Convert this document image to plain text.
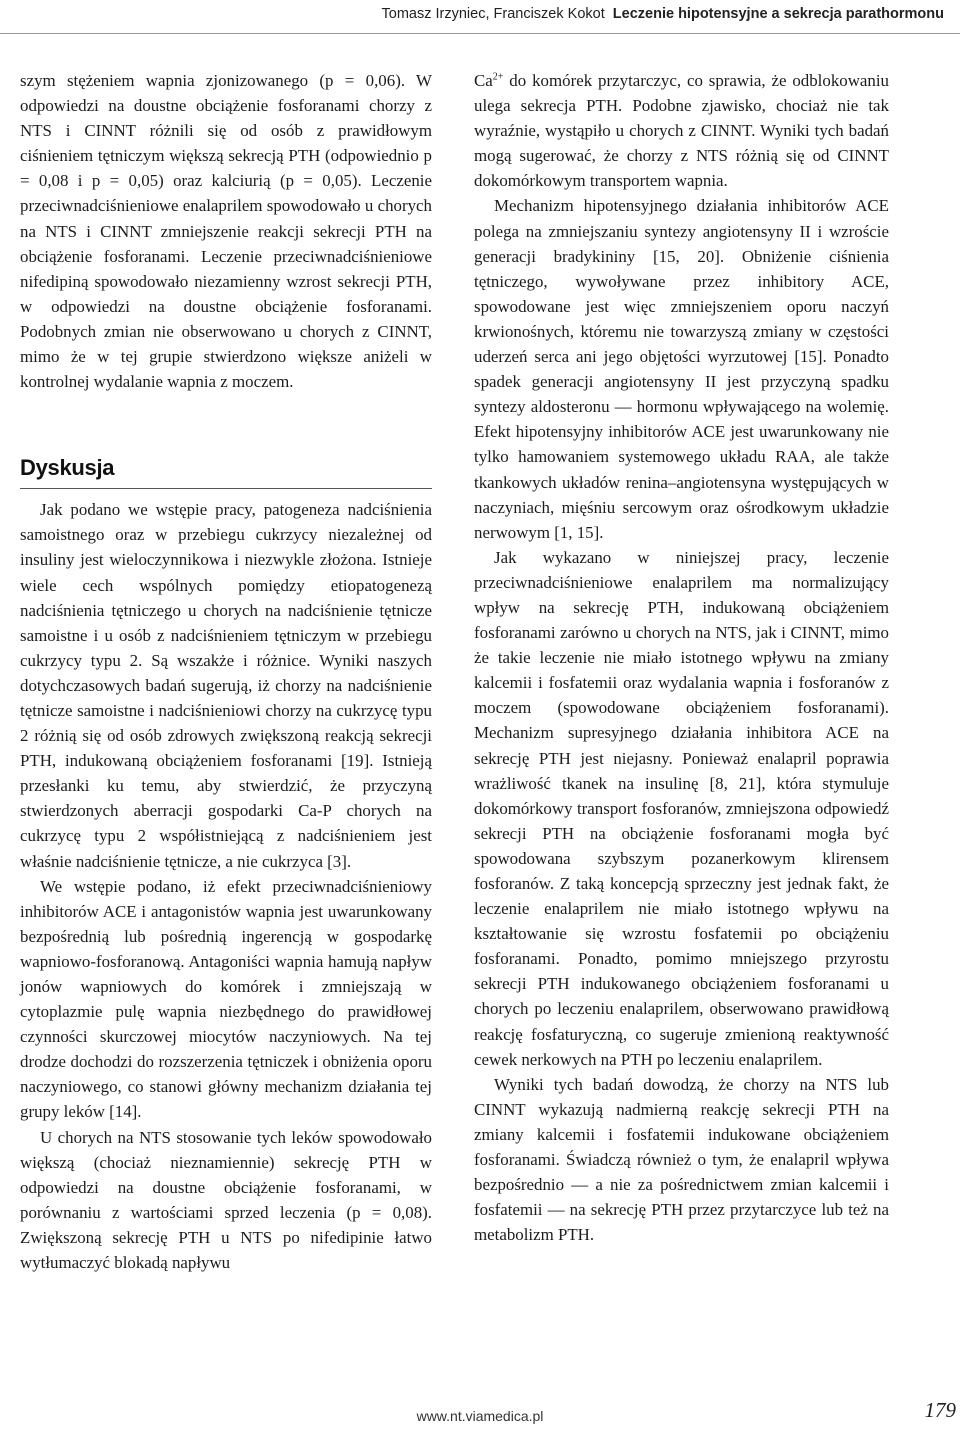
Tomasz Irzyniec, Franciszek Kokot Leczenie hipotensyjne a sekrecja parathormonu

szym stężeniem wapnia zjonizowanego (p = 0,06). W odpowiedzi na doustne obciążenie fosforanami chorzy z NTS i CINNT różnili się od osób z prawidłowym ciśnieniem tętniczym większą sekrecją PTH (odpowiednio p = 0,08 i p = 0,05) oraz kalciurią (p = 0,05). Leczenie przeciwnadciśnieniowe enalaprilem spowodowało u chorych na NTS i CINNT zmniejszenie reakcji sekrecji PTH na obciążenie fosforanami. Leczenie przeciwnadciśnieniowe nifedipiną spowodowało niezamienny wzrost sekrecji PTH, w odpowiedzi na doustne obciążenie fosforanami. Podobnych zmian nie obserwowano u chorych z CINNT, mimo że w tej grupie stwierdzono większe aniżeli w kontrolnej wydalanie wapnia z moczem.

Dyskusja

Jak podano we wstępie pracy, patogeneza nadciśnienia samoistnego oraz w przebiegu cukrzycy niezależnej od insuliny jest wieloczynnikowa i niezwykle złożona. Istnieje wiele cech wspólnych pomiędzy etiopatogenezą nadciśnienia tętniczego u chorych na nadciśnienie tętnicze samoistne i u osób z nadciśnieniem tętniczym w przebiegu cukrzycy typu 2. Są wszakże i różnice. Wyniki naszych dotychczasowych badań sugerują, iż chorzy na nadciśnienie tętnicze samoistne i nadciśnieniowi chorzy na cukrzycę typu 2 różnią się od osób zdrowych zwiększoną reakcją sekrecji PTH, indukowaną obciążeniem fosforanami [19]. Istnieją przesłanki ku temu, aby stwierdzić, że przyczyną stwierdzonych aberracji gospodarki Ca-P chorych na cukrzycę typu 2 współistniejącą z nadciśnieniem jest właśnie nadciśnienie tętnicze, a nie cukrzyca [3].

We wstępie podano, iż efekt przeciwnadciśnieniowy inhibitorów ACE i antagonistów wapnia jest uwarunkowany bezpośrednią lub pośrednią ingerencją w gospodarkę wapniowo-fosforanową. Antagoniści wapnia hamują napływ jonów wapniowych do komórek i zmniejszają w cytoplazmie pulę wapnia niezbędnego do prawidłowej czynności skurczowej miocytów naczyniowych. Na tej drodze dochodzi do rozszerzenia tętniczek i obniżenia oporu naczyniowego, co stanowi główny mechanizm działania tej grupy leków [14].

U chorych na NTS stosowanie tych leków spowodowało większą (chociaż nieznamiennie) sekrecję PTH w odpowiedzi na doustne obciążenie fosforanami, w porównaniu z wartościami sprzed leczenia (p = 0,08). Zwiększoną sekrecję PTH u NTS po nifedipinie łatwo wytłumaczyć blokadą napływu

$Ca^{2+}$ do komórek przytarczyc, co sprawia, że odblokowaniu ulega sekrecja PTH. Podobne zjawisko, chociaż nie tak wyraźnie, wystąpiło u chorych z CINNT. Wyniki tych badań mogą sugerować, że chorzy z NTS różnią się od CINNT dokomórkowym transportem wapnia.

Mechanizm hipotensyjnego działania inhibitorów ACE polega na zmniejszaniu syntezy angiotensyny II i wzroście generacji bradykininy [15, 20]. Obniżenie ciśnienia tętniczego, wywoływane przez inhibitory ACE, spowodowane jest więc zmniejszeniem oporu naczyń krwionośnych, któremu nie towarzyszą zmiany w częstości uderzeń serca ani jego objętości wyrzutowej [15]. Ponadto spadek generacji angiotensyny II jest przyczyną spadku syntezy aldosteronu — hormonu wpływającego na wolemię. Efekt hipotensyjny inhibitorów ACE jest uwarunkowany nie tylko hamowaniem systemowego układu RAA, ale także tkankowych układów renina–angiotensyna występujących w naczyniach, mięśniu sercowym oraz ośrodkowym układzie nerwowym [1, 15].

Jak wykazano w niniejszej pracy, leczenie przeciwnadciśnieniowe enalaprilem ma normalizujący wpływ na sekrecję PTH, indukowaną obciążeniem fosforanami zarówno u chorych na NTS, jak i CINNT, mimo że takie leczenie nie miało istotnego wpływu na zmiany kalcemii i fosfatemii oraz wydalania wapnia i fosforanów z moczem (spowodowane obciążeniem fosforanami). Mechanizm supresyjnego działania inhibitora ACE na sekrecję PTH jest niejasny. Ponieważ enalapril poprawia wrażliwość tkanek na insulinę [8, 21], która stymuluje dokomórkowy transport fosforanów, zmniejszona odpowiedź sekrecji PTH na obciążenie fosforanami mogła być spowodowana szybszym pozanerkowym klirensem fosforanów. Z taką koncepcją sprzeczny jest jednak fakt, że leczenie enalaprilem nie miało istotnego wpływu na kształtowanie się wzrostu fosfatemii po obciążeniu fosforanami. Ponadto, pomimo mniejszego przyrostu sekrecji PTH indukowanego obciążeniem fosforanami u chorych po leczeniu enalaprilem, obserwowano prawidłową reakcję fosfaturyczną, co sugeruje zmienioną reaktywność cewek nerkowych na PTH po leczeniu enalaprilem.

Wyniki tych badań dowodzą, że chorzy na NTS lub CINNT wykazują nadmierną reakcję sekrecji PTH na zmiany kalcemii i fosfatemii indukowane obciążeniem fosforanami. Świadczą również o tym, że enalapril wpływa bezpośrednio — a nie za pośrednictwem zmian kalcemii i fosfatemii — na sekrecję PTH przez przytarczyce lub też na metabolizm PTH.

www.nt.viamedica.pl	179
